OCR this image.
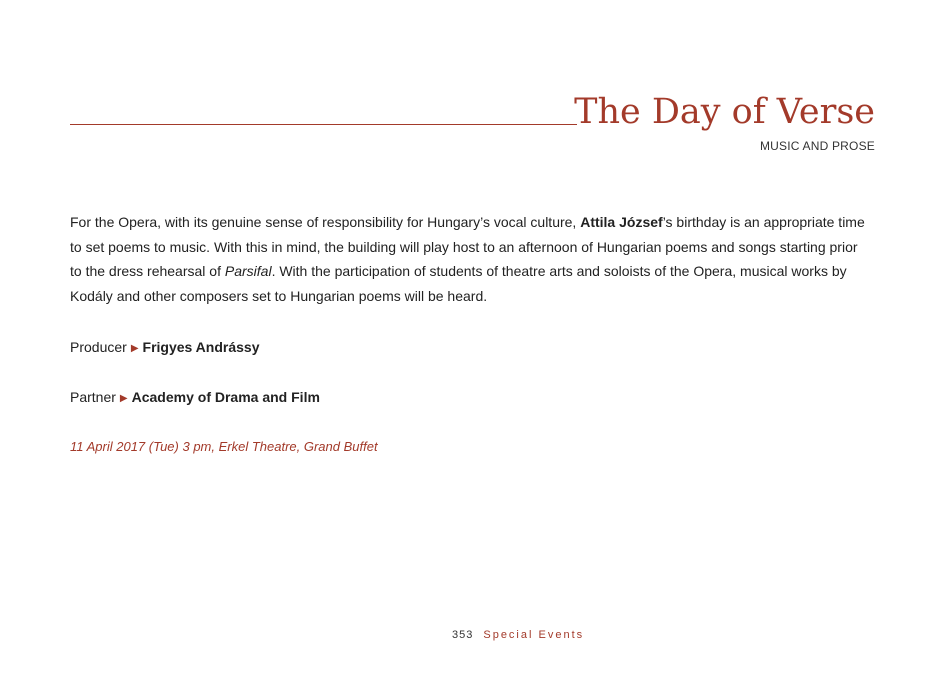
The Day of Verse
MUSIC AND PROSE

For the Opera, with its genuine sense of responsibility for Hungary’s vocal culture, Attila József’s birthday is an appropriate time to set poems to music. With this in mind, the building will play host to an afternoon of Hungarian poems and songs starting prior to the dress rehearsal of Parsifal. With the participation of students of theatre arts and soloists of the Opera, musical works by Kodály and other composers set to Hungarian poems will be heard.

Producer ▶ Frigyes Andrássy
Partner ▶ Academy of Drama and Film
11 April 2017 (Tue) 3 pm, Erkel Theatre, Grand Buffet
353 Special Events
